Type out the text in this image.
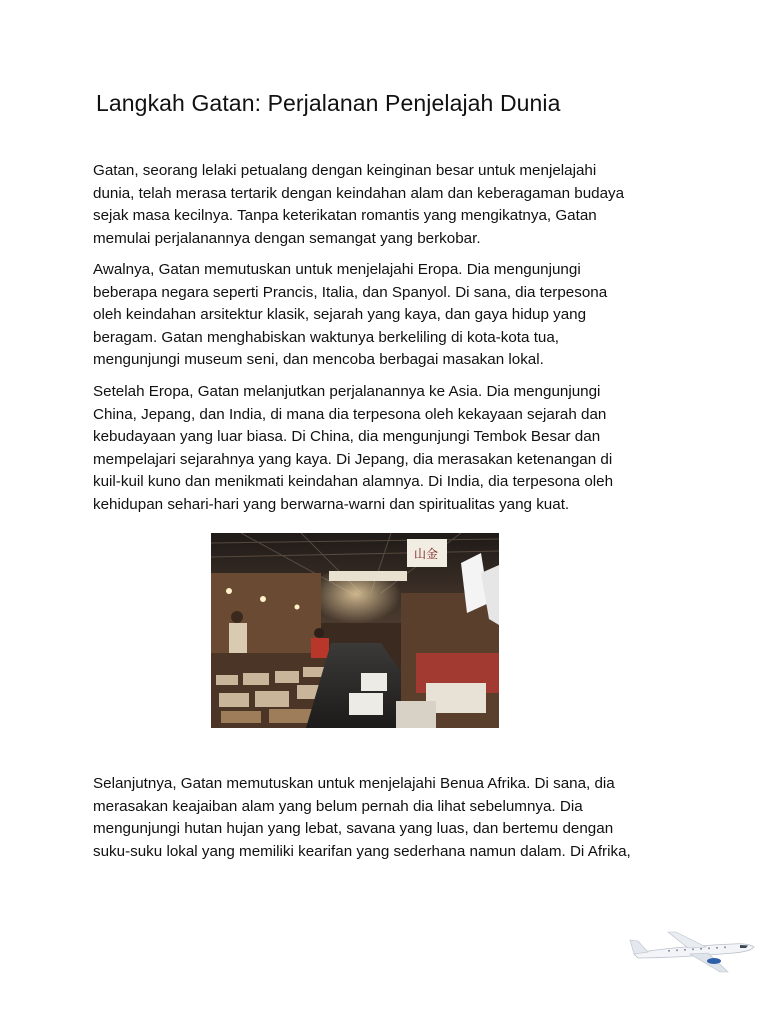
Langkah Gatan: Perjalanan Penjelajah Dunia

Gatan, seorang lelaki petualang dengan keinginan besar untuk menjelajahi
dunia, telah merasa tertarik dengan keindahan alam dan keberagaman budaya
sejak masa kecilnya. Tanpa keterikatan romantis yang mengikatnya, Gatan
memulai perjalanannya dengan semangat yang berkobar.

Awalnya, Gatan memutuskan untuk menjelajahi Eropa. Dia mengunjungi
beberapa negara seperti Prancis, Italia, dan Spanyol. Di sana, dia terpesona
oleh keindahan arsitektur klasik, sejarah yang kaya, dan gaya hidup yang
beragam. Gatan menghabiskan waktunya berkeliling di kota-kota tua,
mengunjungi museum seni, dan mencoba berbagai masakan lokal.

Setelah Eropa, Gatan melanjutkan perjalanannya ke Asia. Dia mengunjungi
China, Jepang, dan India, di mana dia terpesona oleh kekayaan sejarah dan
kebudayaan yang luar biasa. Di China, dia mengunjungi Tembok Besar dan
mempelajari sejarahnya yang kaya. Di Jepang, dia merasakan ketenangan di
kuil-kuil kuno dan menikmati keindahan alamnya. Di India, dia terpesona oleh
kehidupan sehari-hari yang berwarna-warni dan spiritualitas yang kuat.

山金

Selanjutnya, Gatan memutuskan untuk menjelajahi Benua Afrika. Di sana, dia
merasakan keajaiban alam yang belum pernah dia lihat sebelumnya. Dia
mengunjungi hutan hujan yang lebat, savana yang luas, dan bertemu dengan
suku-suku lokal yang memiliki kearifan yang sederhana namun dalam. Di Afrika,
